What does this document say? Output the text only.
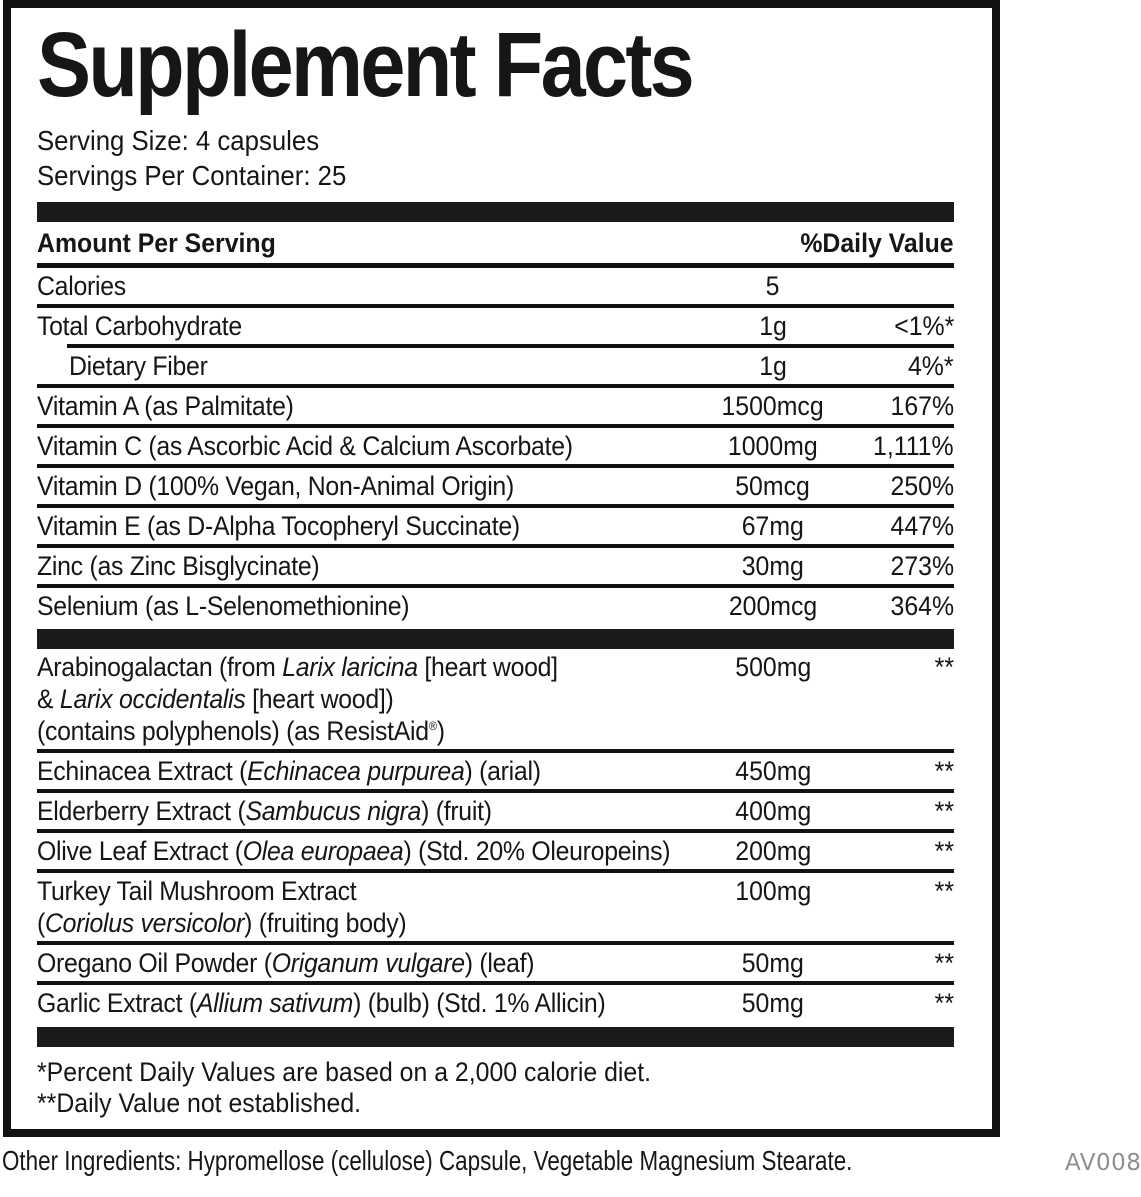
Supplement Facts
Serving Size: 4 capsules
Servings Per Container: 25
Amount Per Serving	%Daily Value
Calories	5
Total Carbohydrate	1g	<1%*
Dietary Fiber	1g	4%*
Vitamin A (as Palmitate)	1500mcg	167%
Vitamin C (as Ascorbic Acid & Calcium Ascorbate)	1000mg	1,111%
Vitamin D (100% Vegan, Non-Animal Origin)	50mcg	250%
Vitamin E (as D-Alpha Tocopheryl Succinate)	67mg	447%
Zinc (as Zinc Bisglycinate)	30mg	273%
Selenium (as L-Selenomethionine)	200mcg	364%
Arabinogalactan (from Larix laricina [heart wood]
& Larix occidentalis [heart wood])
(contains polyphenols) (as ResistAid®)
500mg	**
Echinacea Extract (Echinacea purpurea) (arial)	450mg	**
Elderberry Extract (Sambucus nigra) (fruit)	400mg	**
Olive Leaf Extract (Olea europaea) (Std. 20% Oleuropeins)	200mg	**
Turkey Tail Mushroom Extract
(Coriolus versicolor) (fruiting body)
100mg	**
Oregano Oil Powder (Origanum vulgare) (leaf)	50mg	**
Garlic Extract (Allium sativum) (bulb) (Std. 1% Allicin)	50mg	**
*Percent Daily Values are based on a 2,000 calorie diet.
**Daily Value not established.
Other Ingredients: Hypromellose (cellulose) Capsule, Vegetable Magnesium Stearate.	AV008
